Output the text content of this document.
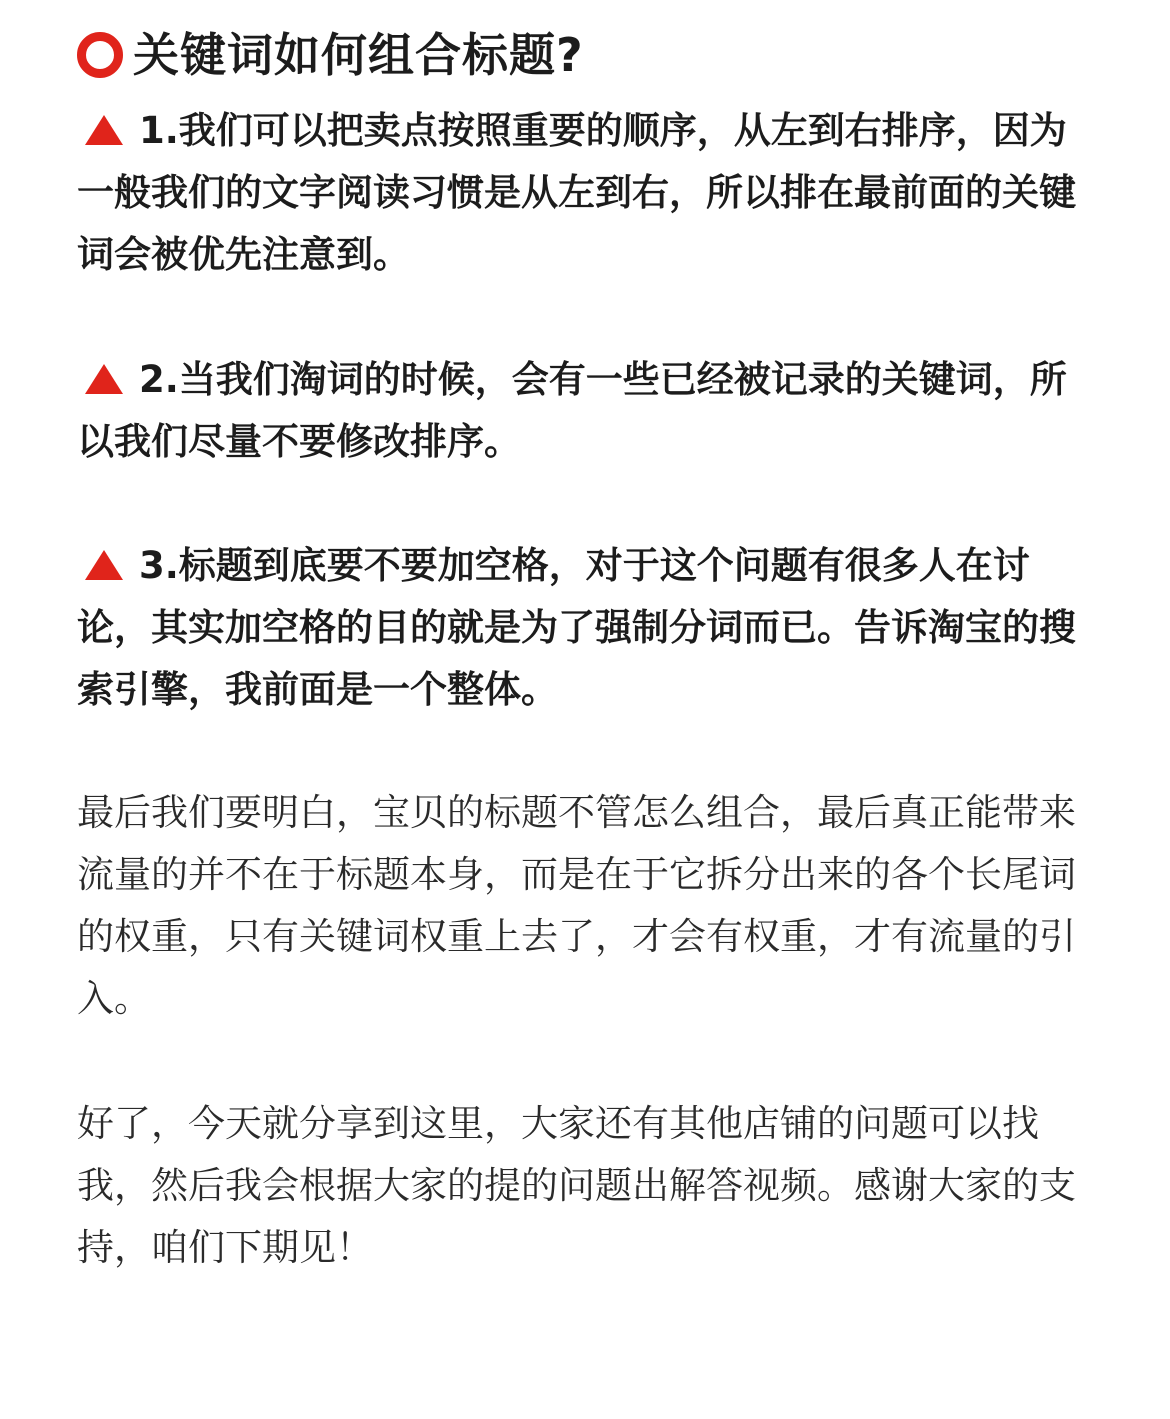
关键词如何组合标题?

1.我们可以把卖点按照重要的顺序，从左到右排序，因为一般我们的文字阅读习惯是从左到右，所以排在最前面的关键词会被优先注意到。

2.当我们淘词的时候，会有一些已经被记录的关键词，所以我们尽量不要修改排序。

3.标题到底要不要加空格，对于这个问题有很多人在讨论，其实加空格的目的就是为了强制分词而已。告诉淘宝的搜索引擎，我前面是一个整体。

最后我们要明白，宝贝的标题不管怎么组合，最后真正能带来流量的并不在于标题本身，而是在于它拆分出来的各个长尾词的权重，只有关键词权重上去了，才会有权重，才有流量的引入。

好了，今天就分享到这里，大家还有其他店铺的问题可以找我，然后我会根据大家的提的问题出解答视频。感谢大家的支持，咱们下期见！
